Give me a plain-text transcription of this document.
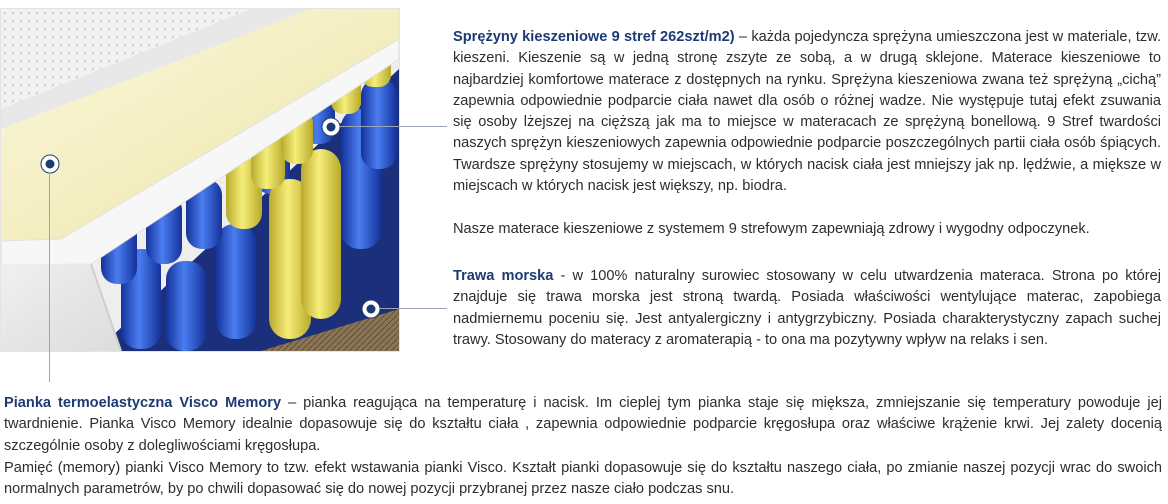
Sprężyny kieszeniowe 9 stref 262szt/m2) – każda pojedyncza sprężyna umieszczona jest w materiale, tzw. kieszeni. Kieszenie są w jedną stronę zszyte ze sobą, a w drugą sklejone. Materace kieszeniowe to najbardziej komfortowe materace z dostępnych na rynku. Sprężyna kieszeniowa zwana też sprężyną „cichą” zapewnia odpowiednie podparcie ciała nawet dla osób o różnej wadze. Nie występuje tutaj efekt zsuwania się osoby lżejszej na cięższą jak ma to miejsce w materacach ze sprężyną bonellową. 9 Stref twardości naszych sprężyn kieszeniowych zapewnia odpowiednie podparcie poszczególnych partii ciała osób śpiących. Twardsze sprężyny stosujemy w miejscach, w których nacisk ciała jest mniejszy jak np. lędźwie, a miększe w miejscach w których nacisk jest większy, np. biodra.

Nasze materace kieszeniowe z systemem 9 strefowym zapewniają zdrowy i wygodny odpoczynek.

Trawa morska - w 100% naturalny surowiec stosowany w celu utwardzenia materaca. Strona po której znajduje się trawa morska jest stroną twardą. Posiada właściwości wentylujące materac, zapobiega nadmiernemu poceniu się. Jest antyalergiczny i antygrzybiczny. Posiada charakterystyczny zapach suchej trawy. Stosowany do materacy z aromaterapią - to ona ma pozytywny wpływ na relaks i sen.

Pianka termoelastyczna Visco Memory – pianka reagująca na temperaturę i nacisk. Im cieplej tym pianka staje się miększa, zmniejszanie się temperatury powoduje jej twardnienie. Pianka Visco Memory idealnie dopasowuje się do kształtu ciała , zapewnia odpowiednie podparcie kręgosłupa oraz właściwe krążenie krwi. Jej zalety docenią szczególnie osoby z dolegliwościami kręgosłupa.

Pamięć (memory) pianki Visco Memory to tzw. efekt wstawania pianki Visco. Kształt pianki dopasowuje się do kształtu naszego ciała, po zmianie naszej pozycji wrac do swoich normalnych parametrów, by po chwili dopasować się do nowej pozycji przybranej przez nasze ciało podczas snu.
